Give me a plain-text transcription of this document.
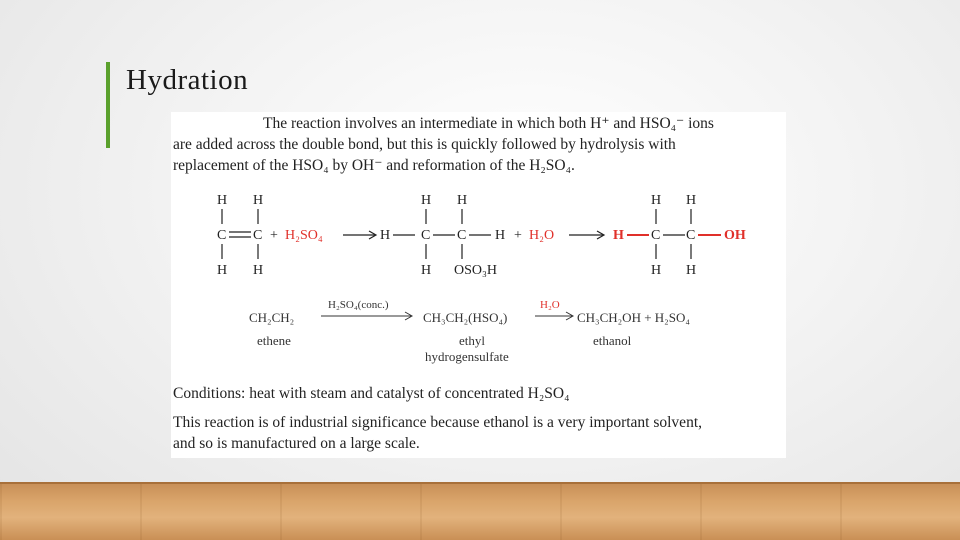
Hydration
The reaction involves an intermediate in which both H⁺ and HSO₄⁻ ions
are added across the double bond, but this is quickly followed by hydrolysis with
replacement of the HSO₄ by OH⁻ and reformation of the H₂SO₄.
H H
C C
H H
+ H₂SO₄	H
H H
C C H
H OSO₃H
+ H₂O	H
H H
C C OH
H H
CH₂CH₂
H₂SO₄(conc.)
CH₃CH₂(HSO₄)
H₂O
CH₃CH₂OH + H₂SO₄
ethene	ethyl
hydrogensulfate
ethanol
Conditions: heat with steam and catalyst of concentrated H₂SO₄
This reaction is of industrial significance because ethanol is a very important solvent,
and so is manufactured on a large scale.
